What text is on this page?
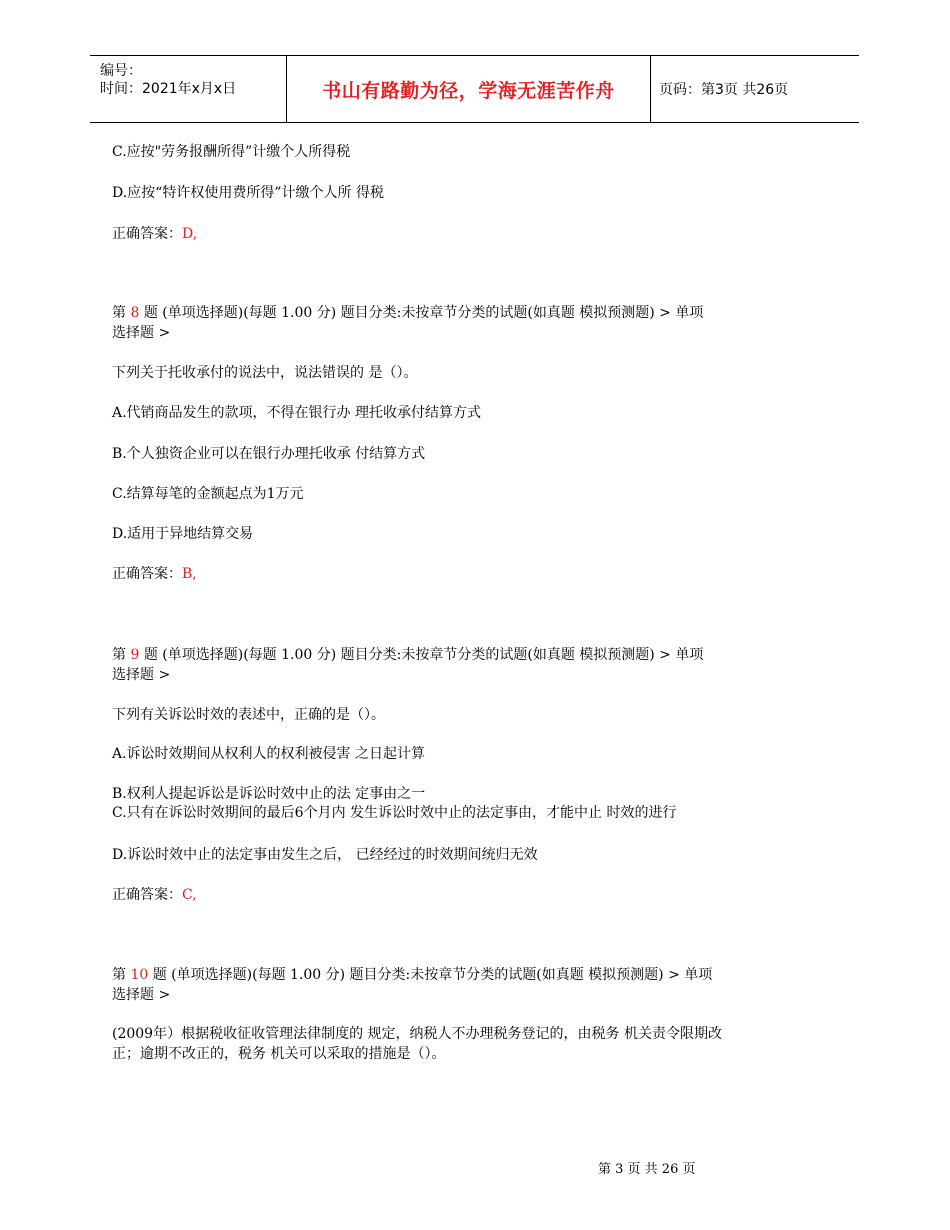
编号：
时间：2021年x月x日	书山有路勤为径，学海无涯苦作舟	页码：第3页 共26页
C.应按"劳务报酬所得”计缴个人所得税
D.应按“特许权使用费所得”计缴个人所 得税
正确答案：D,
第 8 题 (单项选择题)(每题 1.00 分) 题目分类:未按章节分类的试题(如真题 模拟预测题) > 单项
选择题 >
下列关于托收承付的说法中，说法错误的 是（）。
A.代销商品发生的款项，不得在银行办 理托收承付结算方式
B.个人独资企业可以在银行办理托收承 付结算方式
C.结算每笔的金额起点为1万元
D.适用于异地结算交易
正确答案：B,
第 9 题 (单项选择题)(每题 1.00 分) 题目分类:未按章节分类的试题(如真题 模拟预测题) > 单项
选择题 >
下列有关诉讼时效的表述中，正确的是（）。
A.诉讼时效期间从权利人的权利被侵害 之日起计算
B.权利人提起诉讼是诉讼时效中止的法 定事由之一
C.只有在诉讼时效期间的最后6个月内 发生诉讼时效中止的法定事由，才能中止 时效的进行
D.诉讼时效中止的法定事由发生之后， 已经经过的时效期间统归无效
正确答案：C,
第 10 题 (单项选择题)(每题 1.00 分) 题目分类:未按章节分类的试题(如真题 模拟预测题) > 单项
选择题 >
(2009年）根据税收征收管理法律制度的 规定，纳税人不办理税务登记的，由税务 机关责令限期改
正；逾期不改正的，税务 机关可以采取的措施是（）。
第 3 页 共 26 页
